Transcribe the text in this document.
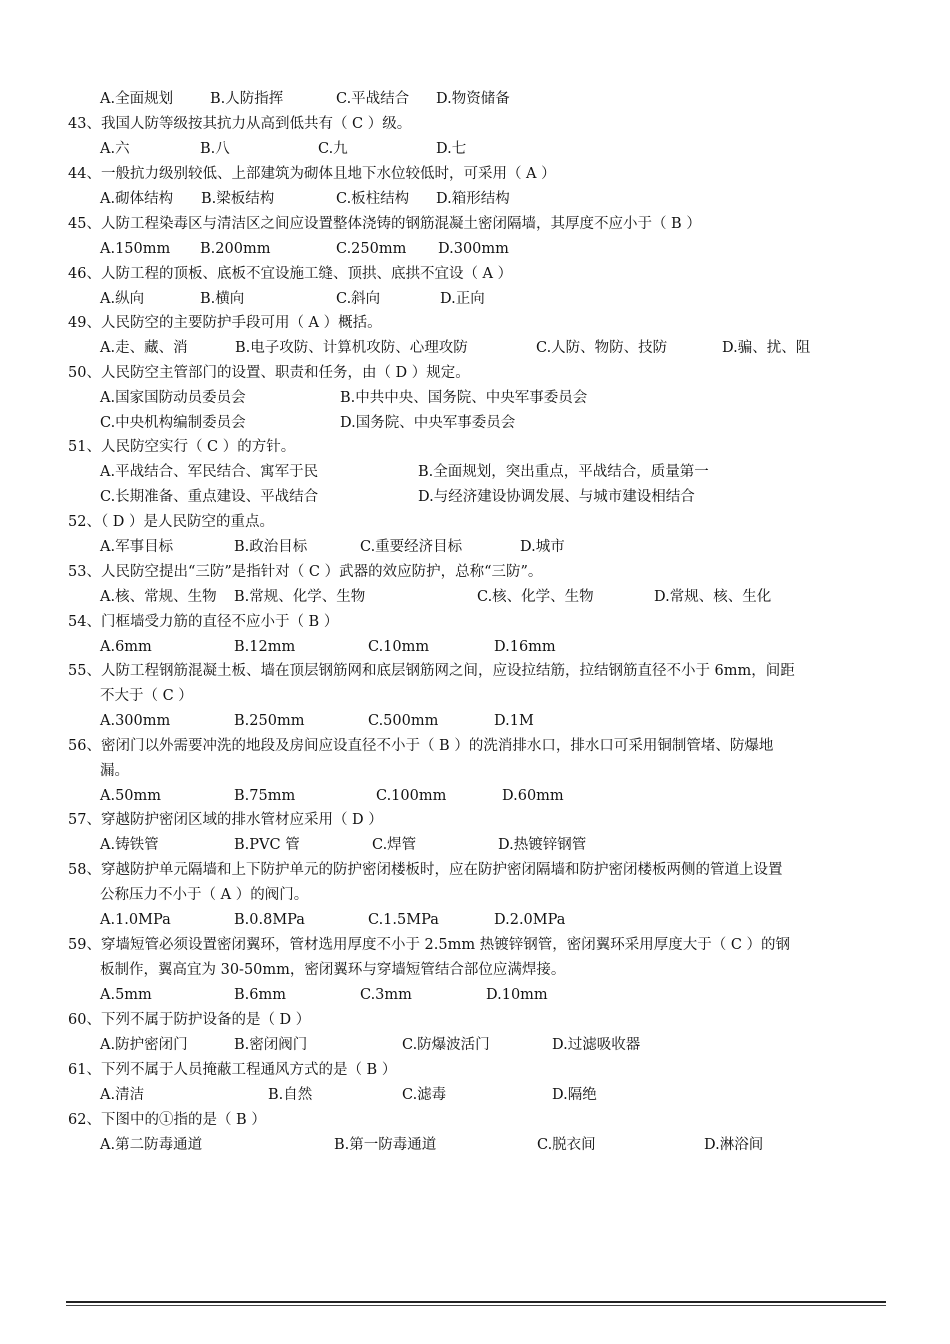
A.全面规划	B.人防指挥	C.平战结合 D.物资储备
43、我国人防等级按其抗力从高到低共有（ C ）级。
A.六	B.八	C.九	D.七
44、一般抗力级别较低、上部建筑为砌体且地下水位较低时，可采用（ A ）
A.砌体结构 B.梁板结构	C.板柱结构 D.箱形结构
45、人防工程染毒区与清洁区之间应设置整体浇铸的钢筋混凝土密闭隔墙，其厚度不应小于（ B ）
A.150mm B.200mm	C.250mm D.300mm
46、人防工程的顶板、底板不宜设施工缝、顶拱、底拱不宜设（ A ）
A.纵向	B.横向	C.斜向	D.正向
49、人民防空的主要防护手段可用（ A ）概括。
A.走、藏、消	B.电子攻防、计算机攻防、心理攻防	C.人防、物防、技防	D.骗、扰、阻
50、人民防空主管部门的设置、职责和任务，由（ D ）规定。
A.国家国防动员委员会	B.中共中央、国务院、中央军事委员会
C.中央机构编制委员会	D.国务院、中央军事委员会
51、人民防空实行（ C ）的方针。
A.平战结合、军民结合、寓军于民	B.全面规划，突出重点，平战结合，质量第一
C.长期准备、重点建设、平战结合	D.与经济建设协调发展、与城市建设相结合
52、（ D ）是人民防空的重点。
A.军事目标	B.政治目标	C.重要经济目标	D.城市
53、人民防空提出“三防”是指针对（ C ）武器的效应防护，总称“三防”。
A.核、常规、生物 B.常规、化学、生物	C.核、化学、生物	D.常规、核、生化
54、门框墙受力筋的直径不应小于（ B ）
A.6mm	B.12mm	C.10mm	D.16mm
55、人防工程钢筋混凝土板、墙在顶层钢筋网和底层钢筋网之间，应设拉结筋，拉结钢筋直径不小于 6mm，间距
不大于（ C ）
A.300mm	B.250mm	C.500mm	D.1M
56、密闭门以外需要冲洗的地段及房间应设直径不小于（ B ）的洗消排水口，排水口可采用铜制管堵、防爆地
漏。
A.50mm	B.75mm	C.100mm	D.60mm
57、穿越防护密闭区域的排水管材应采用（ D ）
A.铸铁管	B.PVC 管	C.焊管	D.热镀锌钢管
58、穿越防护单元隔墙和上下防护单元的防护密闭楼板时，应在防护密闭隔墙和防护密闭楼板两侧的管道上设置
公称压力不小于（ A ）的阀门。
A.1.0MPa	B.0.8MPa	C.1.5MPa	D.2.0MPa
59、穿墙短管必须设置密闭翼环，管材选用厚度不小于 2.5mm 热镀锌钢管，密闭翼环采用厚度大于（ C ）的钢
板制作，翼高宜为 30-50mm，密闭翼环与穿墙短管结合部位应满焊接。
A.5mm	B.6mm	C.3mm	D.10mm
60、下列不属于防护设备的是（ D ）
A.防护密闭门	B.密闭阀门	C.防爆波活门	D.过滤吸收器
61、下列不属于人员掩蔽工程通风方式的是（ B ）
A.清洁	B.自然	C.滤毒	D.隔绝
62、下图中的①指的是（ B ）
A.第二防毒通道	B.第一防毒通道	C.脱衣间	D.淋浴间
